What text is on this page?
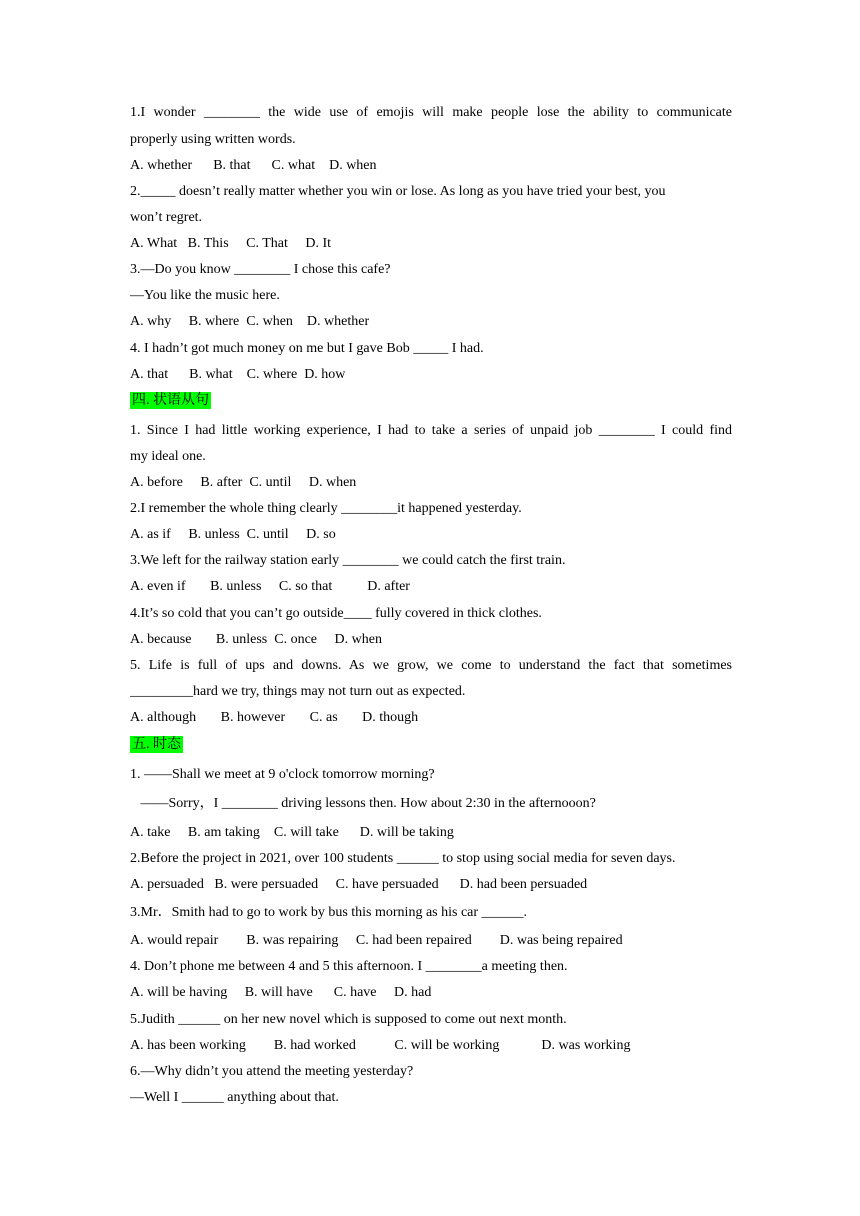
1.I wonder ________ the wide use of emojis will make people lose the ability to communicate
properly using written words.
A. whether      B. that      C. what    D. when
2._____ doesn’t really matter whether you win or lose. As long as you have tried your best, you
won’t regret.
A. What   B. This     C. That     D. It
3.—Do you know ________ I chose this cafe?
—You like the music here.
A. why     B. where  C. when    D. whether
4. I hadn’t got much money on me but I gave Bob _____ I had.
A. that      B. what    C. where  D. how
四. 状语从句
1. Since I had little working experience, I had to take a series of unpaid job ________ I could find
my ideal one.
A. before     B. after  C. until     D. when
2.I remember the whole thing clearly ________it happened yesterday.
A. as if     B. unless  C. until     D. so
3.We left for the railway station early ________ we could catch the first train.
A. even if       B. unless     C. so that          D. after
4.It’s so cold that you can’t go outside____ fully covered in thick clothes.
A. because       B. unless  C. once     D. when
5. Life is full of ups and downs. As we grow, we come to understand the fact that sometimes
_________hard we try, things may not turn out as expected.
A. although       B. however       C. as       D. though
五. 时态
1. ——Shall we meet at 9 o'clock tomorrow morning?
——Sorry，I ________ driving lessons then. How about 2:30 in the afternooon?
A. take     B. am taking    C. will take      D. will be taking
2.Before the project in 2021, over 100 students ______ to stop using social media for seven days.
A. persuaded   B. were persuaded     C. have persuaded      D. had been persuaded
3.Mr．Smith had to go to work by bus this morning as his car ______.
A. would repair        B. was repairing     C. had been repaired        D. was being repaired
4. Don’t phone me between 4 and 5 this afternoon. I ________a meeting then.
A. will be having     B. will have      C. have     D. had
5.Judith ______ on her new novel which is supposed to come out next month.
A. has been working        B. had worked           C. will be working            D. was working
6.—Why didn’t you attend the meeting yesterday?
—Well I ______ anything about that.
